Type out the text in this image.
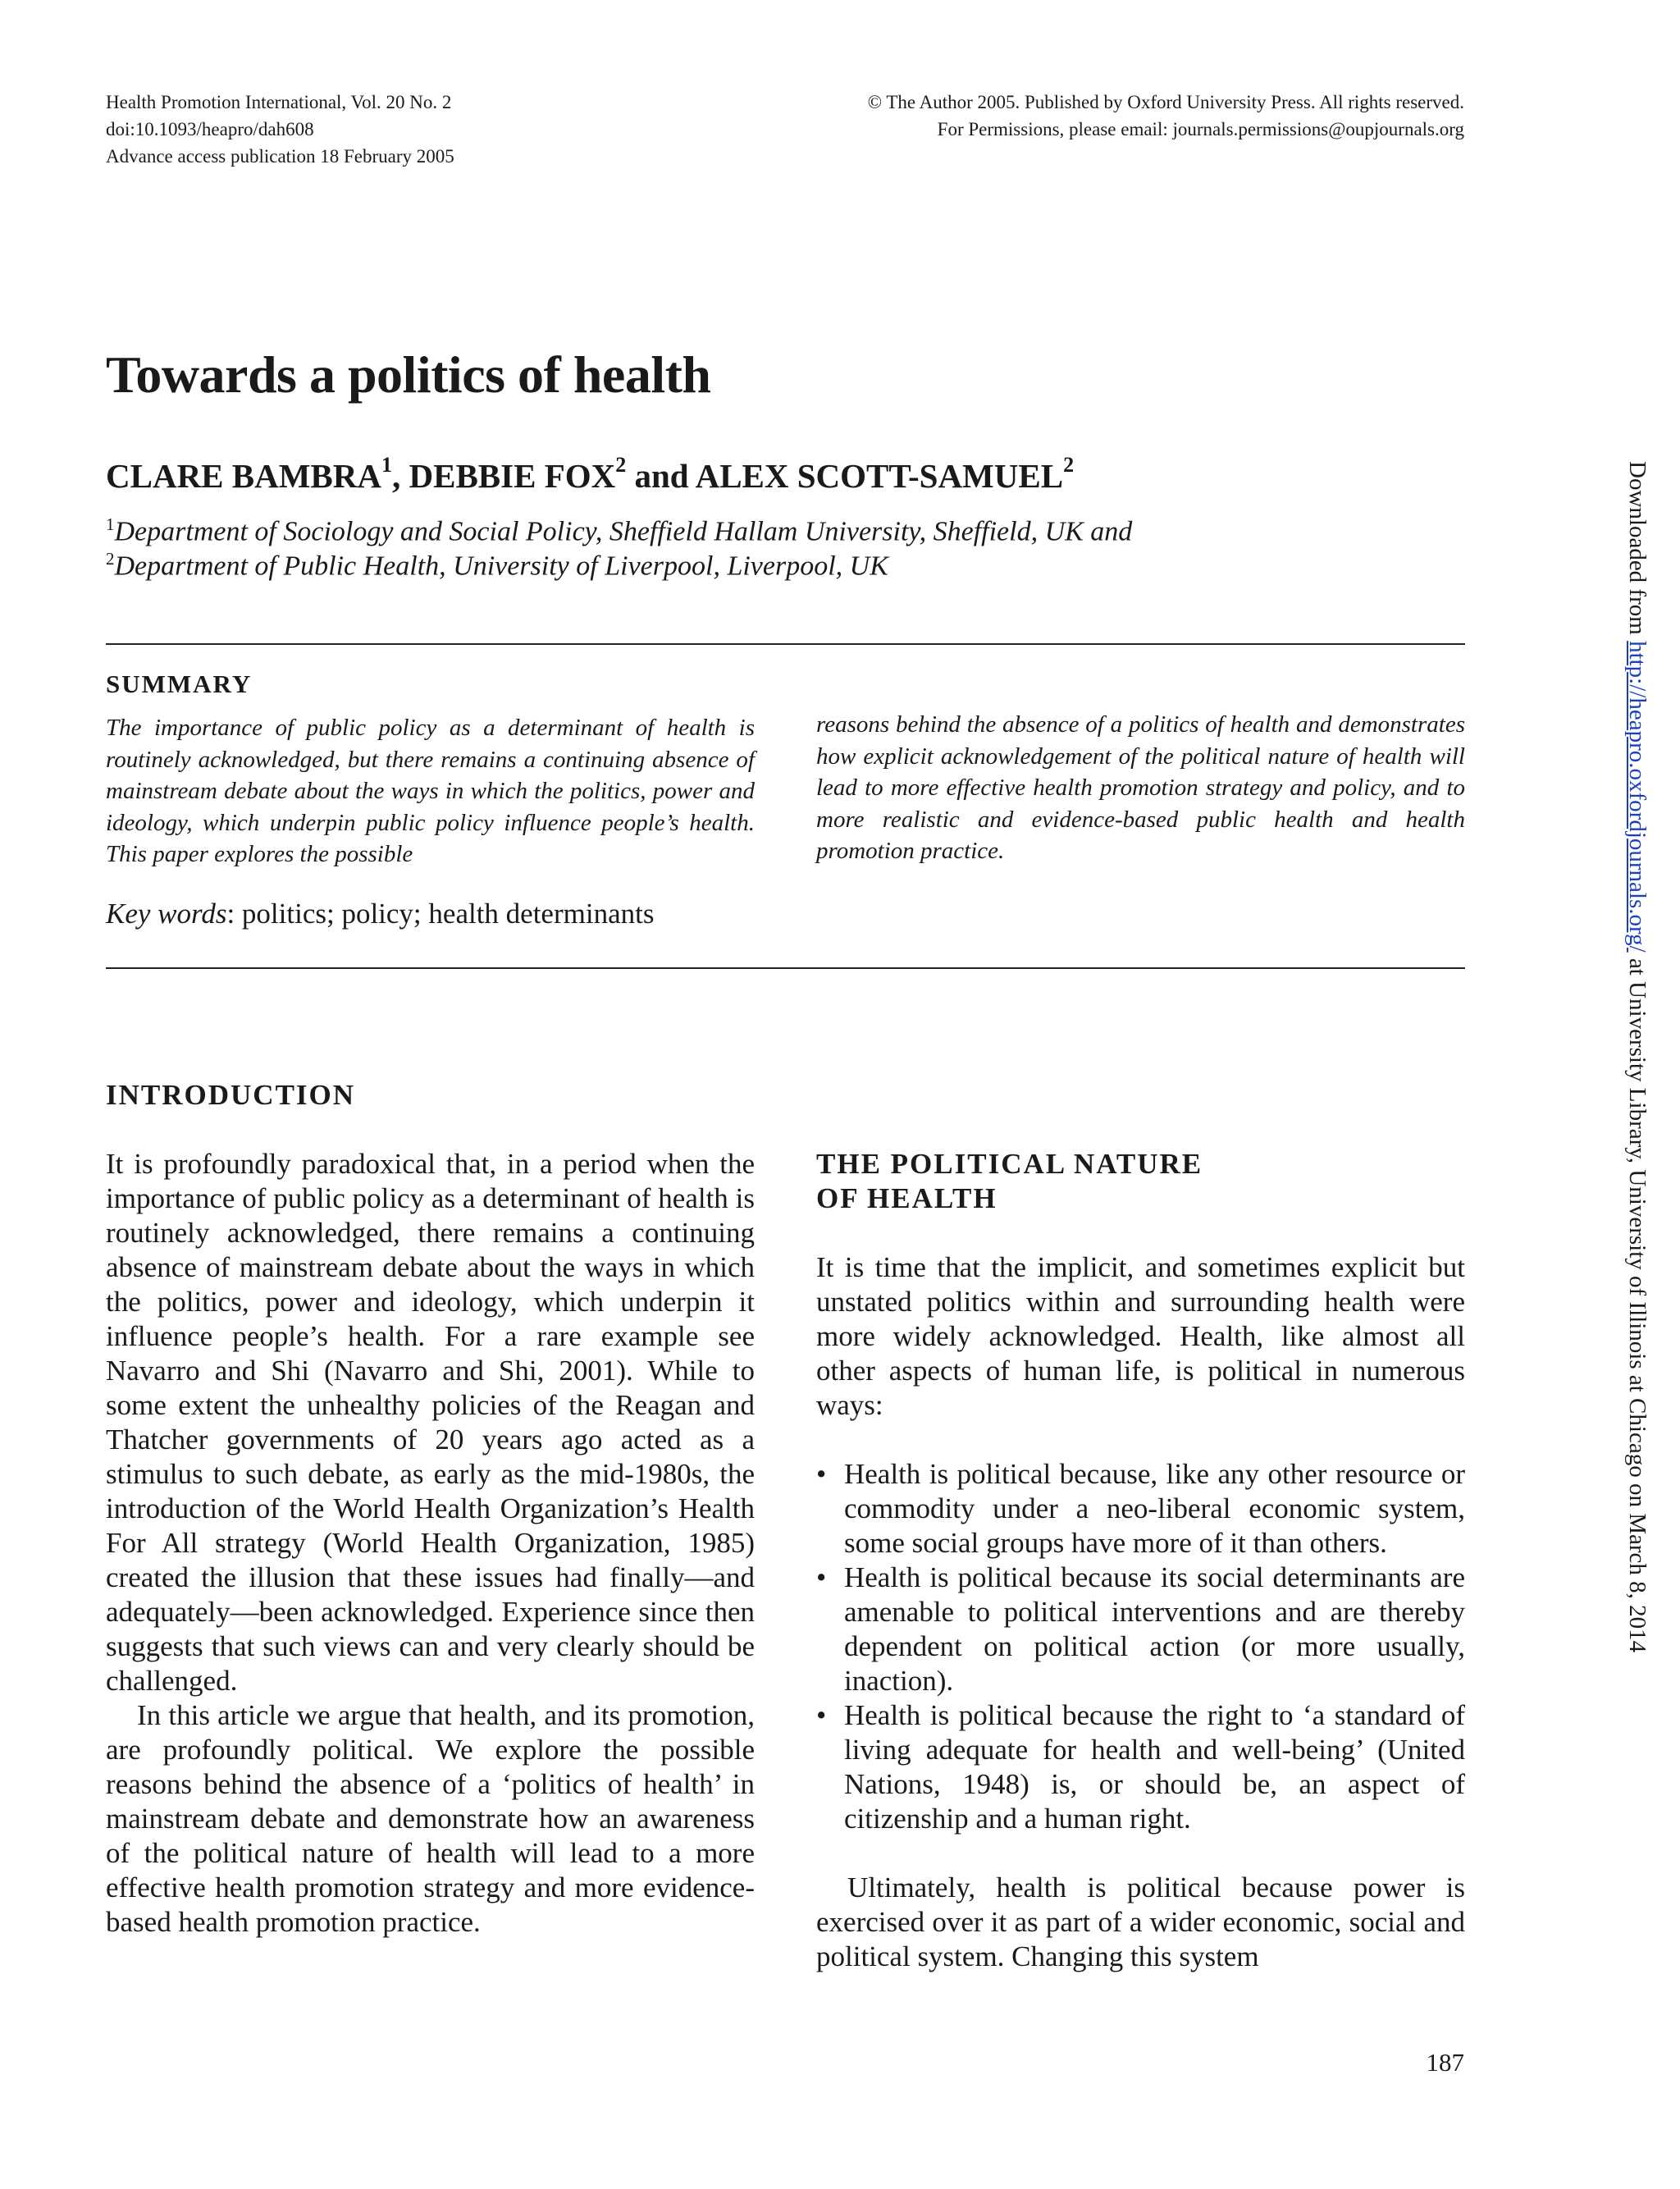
Health Promotion International, Vol. 20 No. 2
doi:10.1093/heapro/dah608
Advance access publication 18 February 2005
© The Author 2005. Published by Oxford University Press. All rights reserved.
For Permissions, please email: journals.permissions@oupjournals.org
Towards a politics of health
CLARE BAMBRA$^1$, DEBBIE FOX$^2$ and ALEX SCOTT-SAMUEL$^2$
$^1$Department of Sociology and Social Policy, Sheffield Hallam University, Sheffield, UK and
$^2$Department of Public Health, University of Liverpool, Liverpool, UK
SUMMARY
The importance of public policy as a determinant of health is routinely acknowledged, but there remains a continuing absence of mainstream debate about the ways in which the politics, power and ideology, which underpin public policy influence people’s health. This paper explores the possible
reasons behind the absence of a politics of health and demonstrates how explicit acknowledgement of the political nature of health will lead to more effective health promotion strategy and policy, and to more realistic and evidence-based public health and health promotion practice.
Key words: politics; policy; health determinants
INTRODUCTION

It is profoundly paradoxical that, in a period when the importance of public policy as a determinant of health is routinely acknowledged, there remains a continuing absence of mainstream debate about the ways in which the politics, power and ideology, which underpin it influence people’s health. For a rare example see Navarro and Shi (Navarro and Shi, 2001). While to some extent the unhealthy policies of the Reagan and Thatcher governments of 20 years ago acted as a stimulus to such debate, as early as the mid-1980s, the introduction of the World Health Organization’s Health For All strategy (World Health Organization, 1985) created the illusion that these issues had finally—and adequately—been acknowledged. Experience since then suggests that such views can and very clearly should be challenged.

In this article we argue that health, and its promotion, are profoundly political. We explore the possible reasons behind the absence of a ‘politics of health’ in mainstream debate and demonstrate how an awareness of the political nature of health will lead to a more effective health promotion strategy and more evidence-based health promotion practice.

THE POLITICAL NATURE
OF HEALTH

It is time that the implicit, and sometimes explicit but unstated politics within and surrounding health were more widely acknowledged. Health, like almost all other aspects of human life, is political in numerous ways:

• Health is political because, like any other resource or commodity under a neo-liberal economic system, some social groups have more of it than others.
• Health is political because its social determinants are amenable to political interventions and are thereby dependent on political action (or more usually, inaction).
• Health is political because the right to ‘a standard of living adequate for health and well-being’ (United Nations, 1948) is, or should be, an aspect of citizenship and a human right.

Ultimately, health is political because power is exercised over it as part of a wider economic, social and political system. Changing this system

Downloaded from http://heapro.oxfordjournals.org/ at University Library, University of Illinois at Chicago on March 8, 2014
187
